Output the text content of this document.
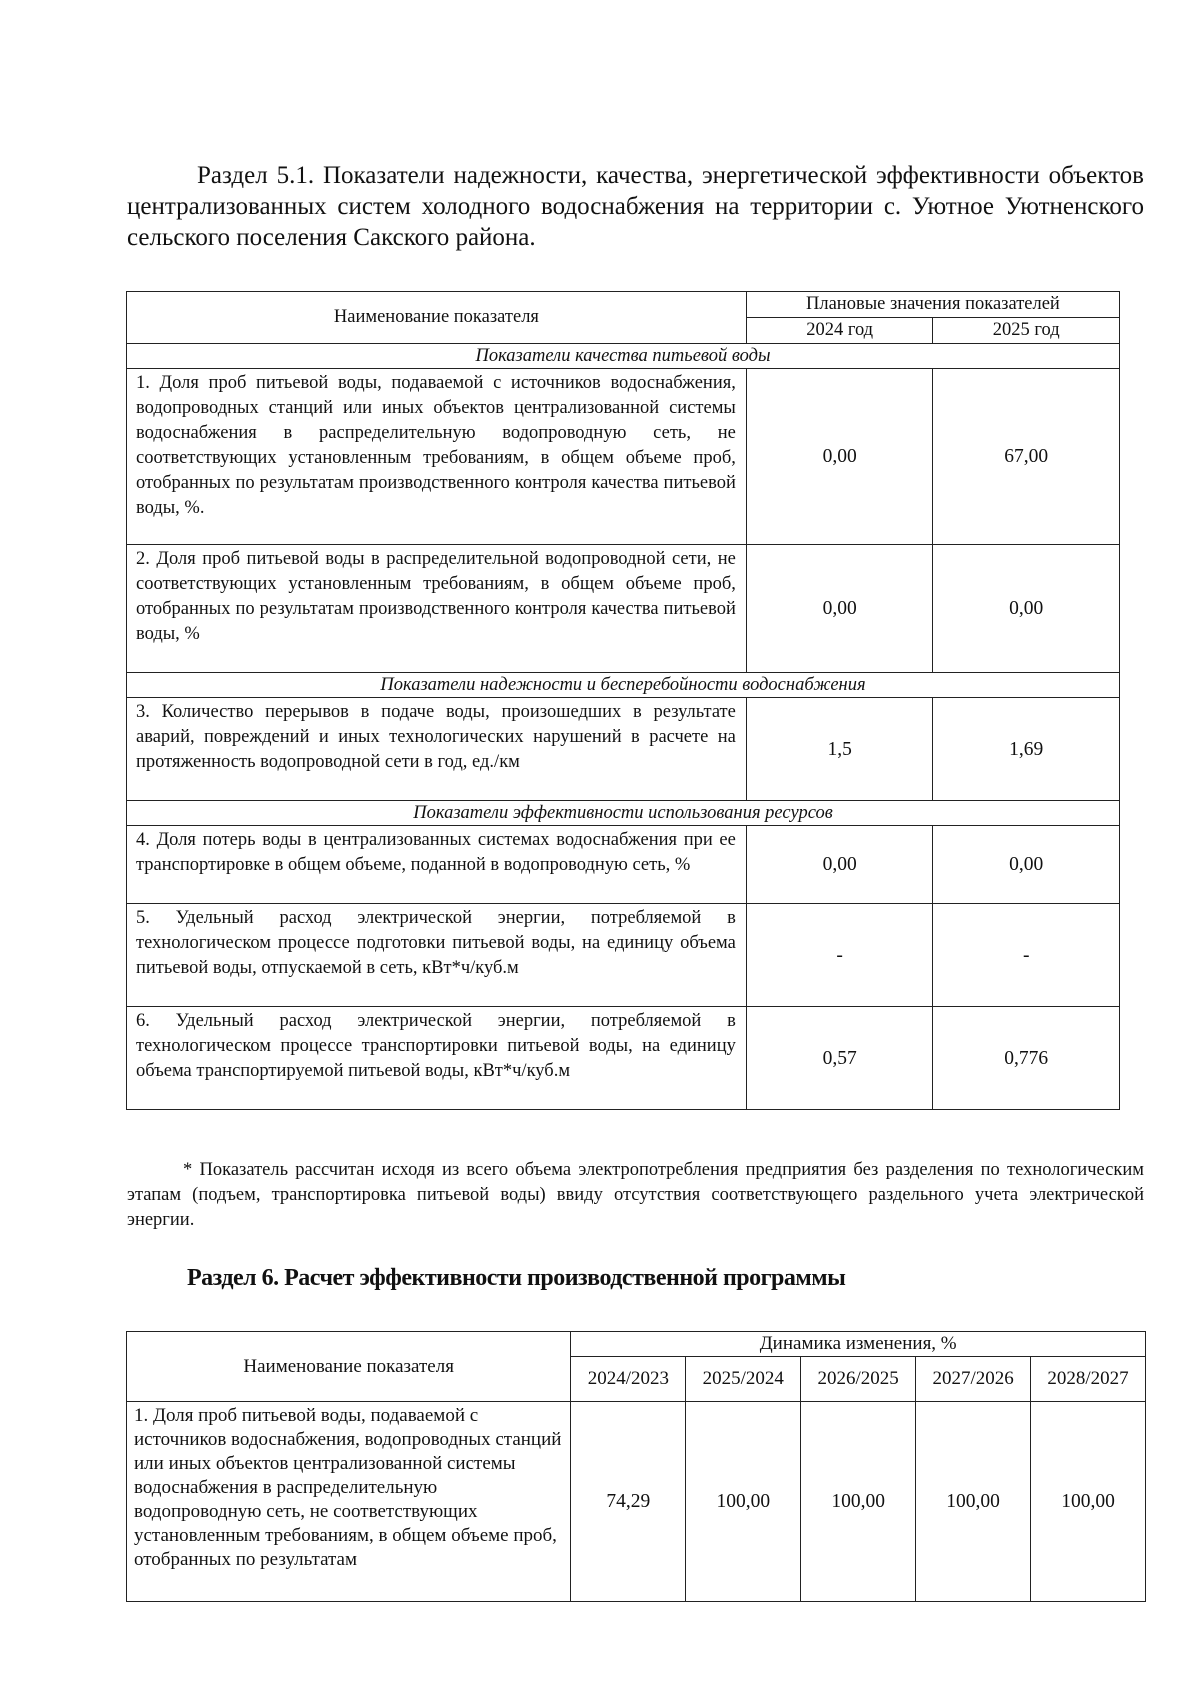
Раздел 5.1. Показатели надежности, качества, энергетической эффективности объектов централизованных систем холодного водоснабжения на территории с. Уютное Уютненского сельского поселения Сакского района.
Наименование показателя	Плановые значения показателей	
	2024 год	2025 год
Показатели качества питьевой воды		
1. Доля проб питьевой воды, подаваемой с источников водоснабжения, водопроводных станций или иных объектов централизованной системы водоснабжения в распределительную водопроводную сеть, не соответствующих установленным требованиям, в общем объеме проб, отобранных по результатам производственного контроля качества питьевой воды, %.	0,00	67,00
2. Доля проб питьевой воды в распределительной водопроводной сети, не соответствующих установленным требованиям, в общем объеме проб, отобранных по результатам производственного контроля качества питьевой воды, %	0,00	0,00
Показатели надежности и бесперебойности водоснабжения		
3. Количество перерывов в подаче воды, произошедших в результате аварий, повреждений и иных технологических нарушений в расчете на протяженность водопроводной сети в год, ед./км	1,5	1,69
Показатели эффективности использования ресурсов		
4. Доля потерь воды в централизованных системах водоснабжения при ее транспортировке в общем объеме, поданной в водопроводную сеть, %	0,00	0,00
5. Удельный расход электрической энергии, потребляемой в технологическом процессе подготовки питьевой воды, на единицу объема питьевой воды, отпускаемой в сеть, кВт*ч/куб.м	-	-
6. Удельный расход электрической энергии, потребляемой в технологическом процессе транспортировки питьевой воды, на единицу объема транспортируемой питьевой воды, кВт*ч/куб.м	0,57	0,776
* Показатель рассчитан исходя из всего объема электропотребления предприятия без разделения по технологическим этапам (подъем, транспортировка питьевой воды) ввиду отсутствия соответствующего раздельного учета электрической энергии.
Раздел 6. Расчет эффективности производственной программы
Наименование показателя	Динамика изменения, %				
	2024/2023	2025/2024	2026/2025	2027/2026	2028/2027
1. Доля проб питьевой воды, подаваемой с источников водоснабжения, водопроводных станций или иных объектов централизованной системы водоснабжения в распределительную водопроводную сеть, не соответствующих установленным требованиям, в общем объеме проб, отобранных по результатам	74,29	100,00	100,00	100,00	100,00
